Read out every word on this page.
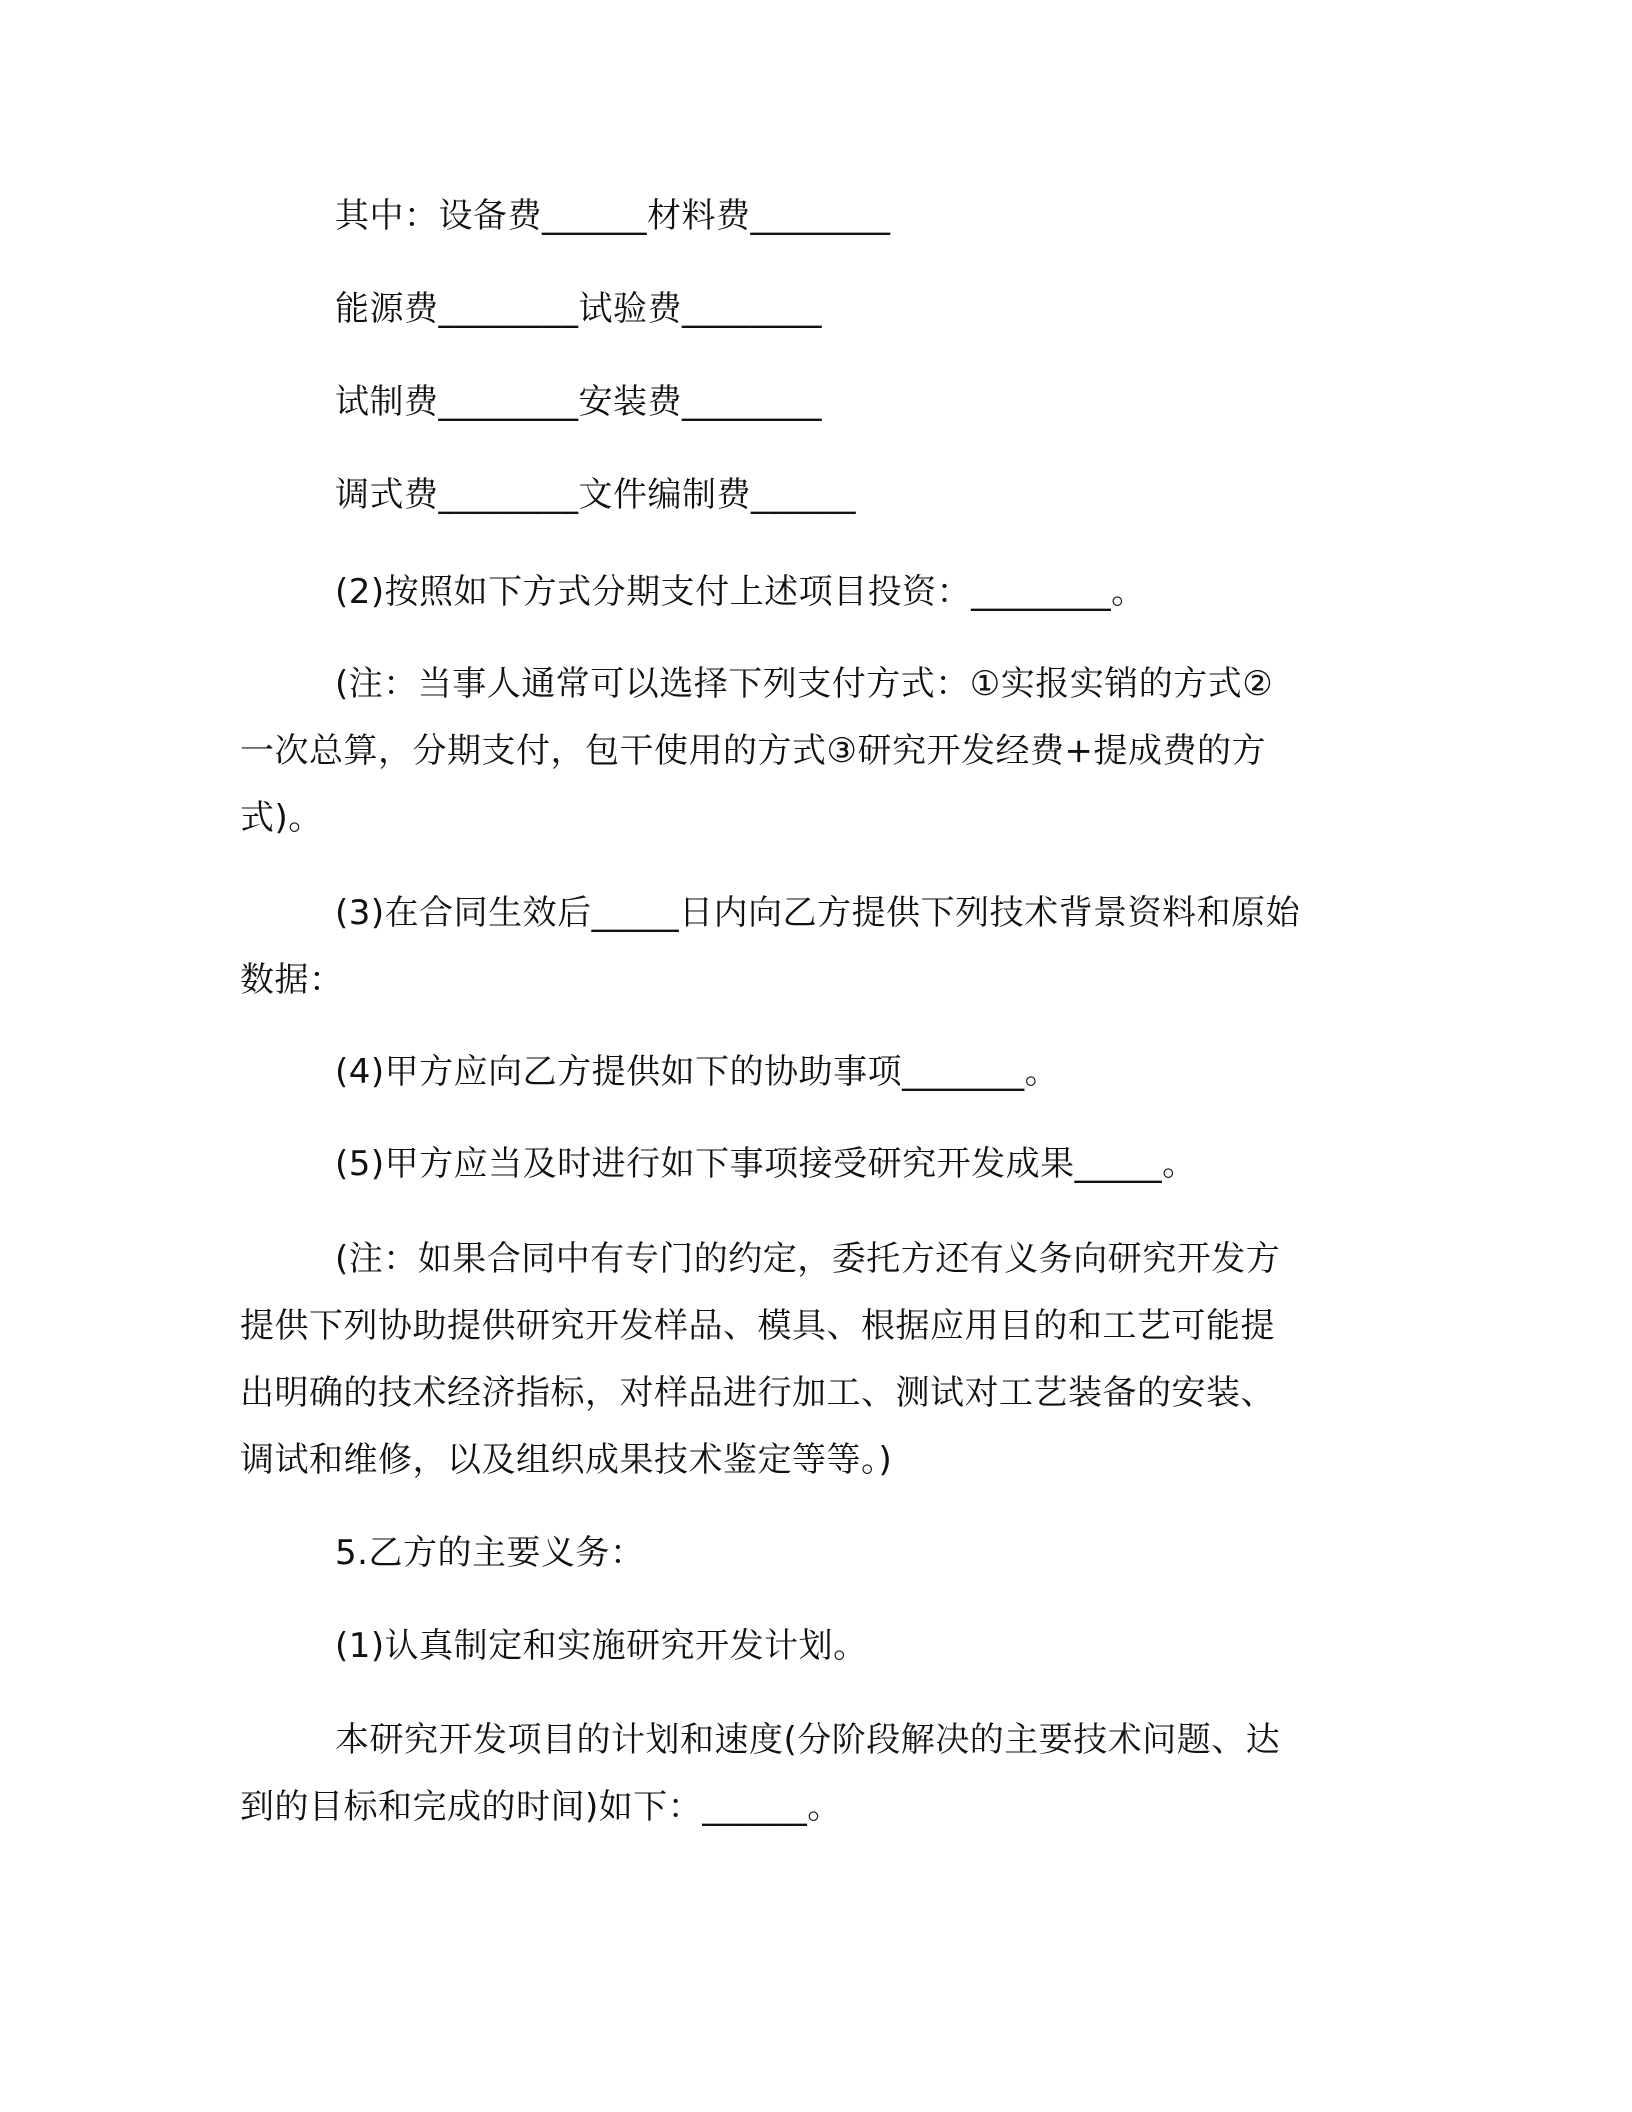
其中：设备费______材料费________

能源费________试验费________

试制费________安装费________

调式费________文件编制费______

(2)按照如下方式分期支付上述项目投资：________。

(注：当事人通常可以选择下列支付方式：①实报实销的方式②
一次总算，分期支付，包干使用的方式③研究开发经费+提成费的方
式)。

(3)在合同生效后_____日内向乙方提供下列技术背景资料和原始
数据：

(4)甲方应向乙方提供如下的协助事项_______。

(5)甲方应当及时进行如下事项接受研究开发成果_____。

(注：如果合同中有专门的约定，委托方还有义务向研究开发方
提供下列协助提供研究开发样品、模具、根据应用目的和工艺可能提
出明确的技术经济指标，对样品进行加工、测试对工艺装备的安装、
调试和维修，以及组织成果技术鉴定等等。)

5.乙方的主要义务：

(1)认真制定和实施研究开发计划。

本研究开发项目的计划和速度(分阶段解决的主要技术问题、达
到的目标和完成的时间)如下：______。
